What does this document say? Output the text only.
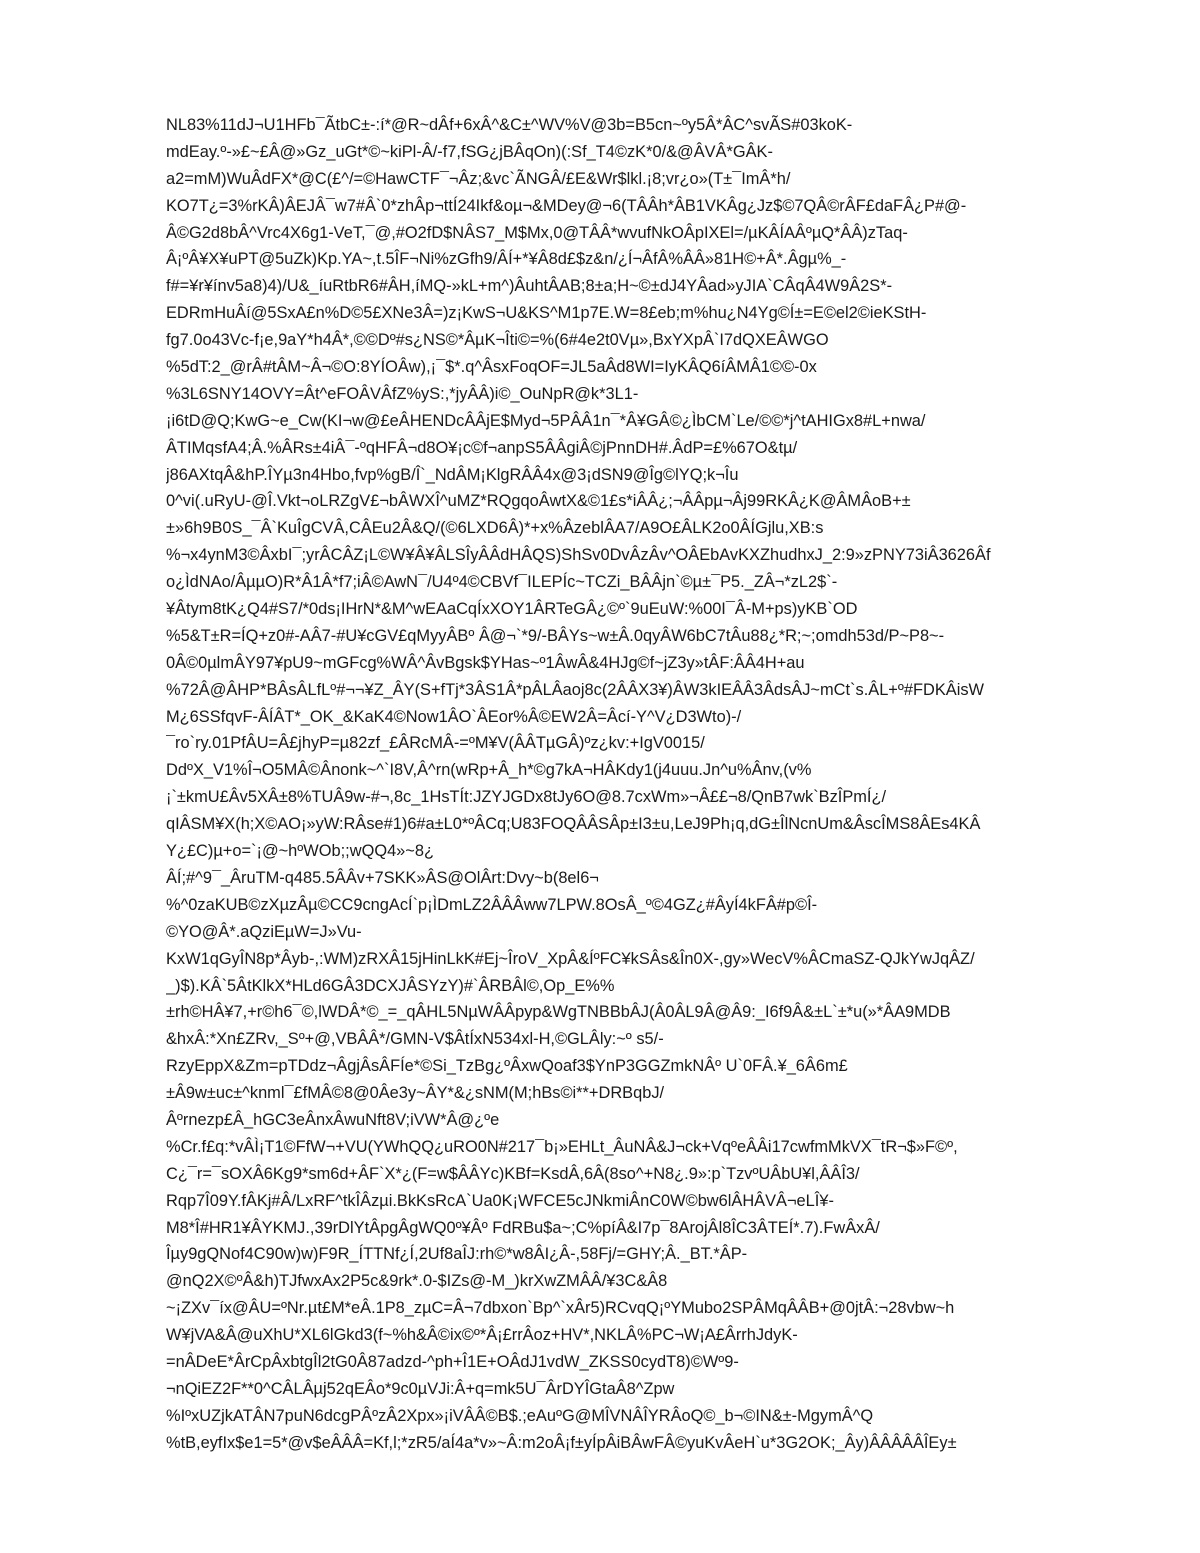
NL83%11dJ¬U1HFb¯ÃtbC±-:í*@R~dÂf+6xÂ^&C±^WV%V@3b=B5cn~ºy5Â*ÂC^svÃS#03koK-
mdEay.º-»£~£Â@»Gz_uGt*©~kiPl-Â/-f7,fSG¿jBÂqOn)(:Sf_T4©zK*0/&@ÂVÂ*GÂK-
a2=mM)WuÂdFX*@C(£^/=©HawCTF¯¬Âz;&vc`ÃNGÂ/£E&Wr$lkl.¡8;vr¿o»(T±¯ImÂ*h/
KO7T¿=3%rKÂ)ÂEJÂ¯w7#Â`0*zhÂp¬ttÍ24Ikf&oµ¬&MDey@¬6(TÂÂh*ÂB1VKÂg¿Jz$©7QÂ©rÂF£daFÂ¿P#@-
Â©G2d8bÂ^Vrc4X6g1-VeT,¯@,#O2fD$NÂS7_M$Mx,0@TÂÂ*wvufNkOÂpIXEl=/µKÂÍAÂºµQ*ÂÂ)zTaq-
Â¡ºÂ¥X¥uPT@5uZk)Kp.YA~,t.5ÎF¬Ni%zGfh9/ÂÍ+*¥Â8d£$z&n/¿Í¬ÂfÂ%ÂÂ»81H©+Â*.Âgµ%_-
f#=¥r¥ínv5a8)4)/U&_íuRtbR6#ÂH,íMQ-»kL+m^)ÂuhtÂAB;8±a;H~©±dJ4YÂad»yJIA`CÂqÂ4W9Â2S*-
EDRmHuÂí@5SxA£n%D©5£XNe3Â=)z¡KwS¬U&KS^M1p7E.W=8£eb;m%hu¿N4Yg©Í±=E©el2©ieKStH-
fg7.0o43Vc-f¡e,9aY*h4Â*,©©Dº#s¿NS©*ÂµK¬Îti©=%(6#4e2t0Vµ»,BxYXpÂ`I7dQXEÂWGO
%5dT:2_@rÂ#tÂM~Â¬©O:8YÍOÂw),¡¯$*.q^ÂsxFoqOF=JL5aÂd8WI=IyKÂQ6íÂMÂ1©©-0x
%3L6SNY14OVY=Ât^eFOÂVÂfZ%yS:,*jyÂÂ)i©_OuNpR@k*3L1-
¡i6tD@Q;KwG~e_Cw(KI¬w@£eÂHENDcÂÂjE$Myd¬5PÂÂ1n¯*Â¥GÂ©¿ÌbCM`Le/©©*j^tAHIGx8#L+nwa/
ÂTIMqsfA4;Â.%ÂRs±4iÂ¯-ºqHFÂ¬d8O¥¡c©f¬anpS5ÂÂgiÂ©jPnnDH#.ÂdP=£%67O&tµ/
j86AXtqÂ&hP.ÎYµ3n4Hbo,fvp%gB/Î`_NdÂM¡KlgRÂÂ4x@3¡dSN9@Îg©lYQ;k¬Îu
0^vi(.uRyU-@Î.Vkt¬oLRZgV£¬bÂWXÎ^uMZ*RQgqoÂwtX&©1£s*iÂÂ¿;¬ÂÂpµ¬Âj99RKÂ¿K@ÂMÂoB+±
±»6h9B0S_¯Â`KuÎgCVÂ,CÂEu2Â&Q/(©6LXD6Â)*+x%ÂzeblÂA7/A9O£ÂLK2o0ÂÍGjlu,XB:s
%¬x4ynM3©ÂxbI¯;yrÂCÂZ¡L©W¥Â¥ÂLSÎyÂÂdHÂQS)ShSv0DvÂzÂv^OÂEbAvKXZhudhxJ_2:9»zPNY73iÂ3626Âf
o¿ÌdNAo/ÂµµO)R*Â1Â*f7;iÂ©AwN¯/U4º4©CBVf¯ILEPÍc~TCZi_BÂÂjn`©µ±¯P5._ZÂ¬*zL2$`-
¥Âtym8tK¿Q4#S7/*0ds¡IHrN*&M^wEAaCqÍxXOY1ÂRTeGÂ¿©º`9uEuW:%00I¯Â-M+ps)yKB`OD
%5&T±R=ÍQ+z0#-AÂ7-#U¥cGV£qMyyÂBº Â@¬`*9/-BÂYs~w±Â.0qyÂW6bC7tÂu88¿*R;~;omdh53d/P~P8~-
0Â©0µlmÂY97¥pU9~mGFcg%WÂ^ÂvBgsk$YHas~º1ÂwÂ&4HJg©f~jZ3y»tÂF:ÂÂ4H+au
%72Â@ÂHP*BÂsÂLfLº#¬¬¥Z_ÂY(S+fTj*3ÂS1Â*pÂLÂaoj8c(2ÂÂX3¥)ÂW3kIEÂÂ3ÂdsÂJ~mCt`s.ÂL+º#FDKÂisW
M¿6SSfqvF-ÂÍÂT*_OK_&KaK4©Now1ÂO`ÂEor%Â©EW2Â=Âcí-Y^V¿D3Wto)-/
¯ro`ry.01PfÂU=Â£jhyP=µ82zf_£ÂRcMÂ-=ºM¥V(ÂÂTµGÂ)ºz¿kv:+IgV0015/
DdºX_V1%Î¬O5MÂ©Ânonk~^`I8V,Â^rn(wRp+Â_h*©g7kA¬HÂKdy1(j4uuu.Jn^u%Ânv,(v%
¡`±kmU£Âv5XÂ±8%TUÂ9w-#¬,8c_1HsTÍt:JZYJGDx8tJy6O@8.7cxWm»¬Â££¬8/QnB7wk`BzÎPmÍ¿/
qIÂSM¥X(h;X©AO¡»yW:RÂse#1)6#a±L0*ºÂCq;U83FOQÂÂSÂp±I3±u,LeJ9Ph¡q,dG±ÎlNcnUm&ÂscÎMS8ÂEs4KÂ
Y¿£C)µ+o=`¡@~hºWOb;;wQQ4»~8¿
ÂÍ;#^9¯_ÂruTM-q485.5ÂÂv+7SKK»ÂS@OlÂrt:Dvy~b(8el6¬
%^0zaKUB©zXµzÂµ©CC9cngAcÍ`p¡ÌDmLZ2ÂÂÂww7LPW.8OsÂ_º©4GZ¿#ÂyÍ4kFÂ#p©Î-
©YO@Â*.aQziEµW=J»Vu-
KxW1qGyÎN8p*Âyb-,:WM)zRXÂ15jHinLkK#Ej~ÎroV_XpÂ&ÍºFC¥kSÂs&În0X-,gy»WecV%ÂCmaSZ-QJkYwJqÂZ/
_)$).KÂ`5ÂtKlkX*HLd6GÂ3DCXJÂSYzY)#`ÂRBÂl©,Op_E%%
±rh©HÂ¥7,+r©h6¯©,lWDÂ*©_=_qÂHL5NµWÂÂpyp&WgTNBBbÂJ(Â0ÂL9Â@Â9:_I6f9Â&±L`±*u(»*ÂA9MDB
&hxÂ:*Xn£ZRv,_Sº+@,VBÂÂ*/GMN-V$ÂtÍxN534xl-H,©GLÂly:~º s5/-
RzyEppX&Zm=pTDdz¬ÂgjÂsÂFÍe*©Si_TzBg¿ºÂxwQoaf3$YnP3GGZmkNÂº U`0FÂ.¥_6Â6m£
±Â9w±uc±^knml¯£fMÂ©8@0Âe3y~ÂY*&¿sNM(M;hBs©i**+DRBqbJ/
Âºrnezp£Â_hGC3eÂnxÂwuNft8V;iVW*Â@¿ºe
%Cr.f£q:*vÂÌ¡T1©FfW¬+VU(YWhQQ¿uRO0N#217¯b¡»EHLt_ÂuNÂ&J¬ck+VqºeÂÂi17cwfmMkVX¯tR¬$»F©º,
C¿¯r=¯sOXÂ6Kg9*sm6d+ÂF`X*¿(F=w$ÂÂYc)KBf=KsdÂ,6Â(8so^+N8¿.9»:p`TzvºUÂbU¥l,ÂÂÎ3/
Rqp7Î09Y.fÂKj#Â/LxRF^tkÎÂzµi.BkKsRcA`Ua0K¡WFCE5cJNkmiÂnC0W©bw6lÂHÂVÂ¬eLÎ¥-
M8*Î#HR1¥ÂYKMJ.,39rDlYtÂpgÂgWQ0º¥Âº FdRBu$a~;C%píÂ&I7p¯8ArojÂl8ÎC3ÂTEÍ*.7).FwÂxÂ/
Îµy9gQNof4C90w)w)F9R_ÍTTNf¿Í,2Uf8aÎJ:rh©*w8ÂI¿Â-,58Fj/=GHY;Â._BT.*ÂP-
@nQ2X©ºÂ&h)TJfwxAx2P5c&9rk*.0-$IZs@-M_)krXwZMÂÂ/¥3C&Â8
~¡ZXv¯íx@ÂU=ºNr.µt£M*eÂ.1P8_zµC=Â¬7dbxon`Bp^`xÂr5)RCvqQ¡ºYMubo2SPÂMqÂÂB+@0jtÂ:¬28vbw~h
W¥jVA&Â@uXhU*XL6lGkd3(f~%h&Â©ix©º*Â¡£rrÂoz+HV*,NKLÂ%PC¬W¡A£ÂrrhJdyK-
=nÂDeE*ÂrCpÂxbtgÎl2tG0Â87adzd-^ph+Î1E+OÂdJ1vdW_ZKSS0cydT8)©Wº9-
¬nQiEZ2F**0^CÂLÂµj52qEÂo*9c0µVJi:Â+q=mk5U¯ÂrDYÎGtaÂ8^Zpw
%IºxUZjkATÂN7puN6dcgPÂºzÂ2Xpx»¡iVÂÂ©B$.;eAuºG@MÎVNÂÎYRÂoQ©_b¬©IN&±-MgymÂ^Q
%tB,eyfIx$e1=5*@v$eÂÂÂ=Kf,l;*zR5/aÍ4a*v»~Â:m2oÂ¡f±yÍpÂiBÂwFÂ©yuKvÂeH`u*3G2OK;_Ây)ÂÂÂÂÂÎEy±
